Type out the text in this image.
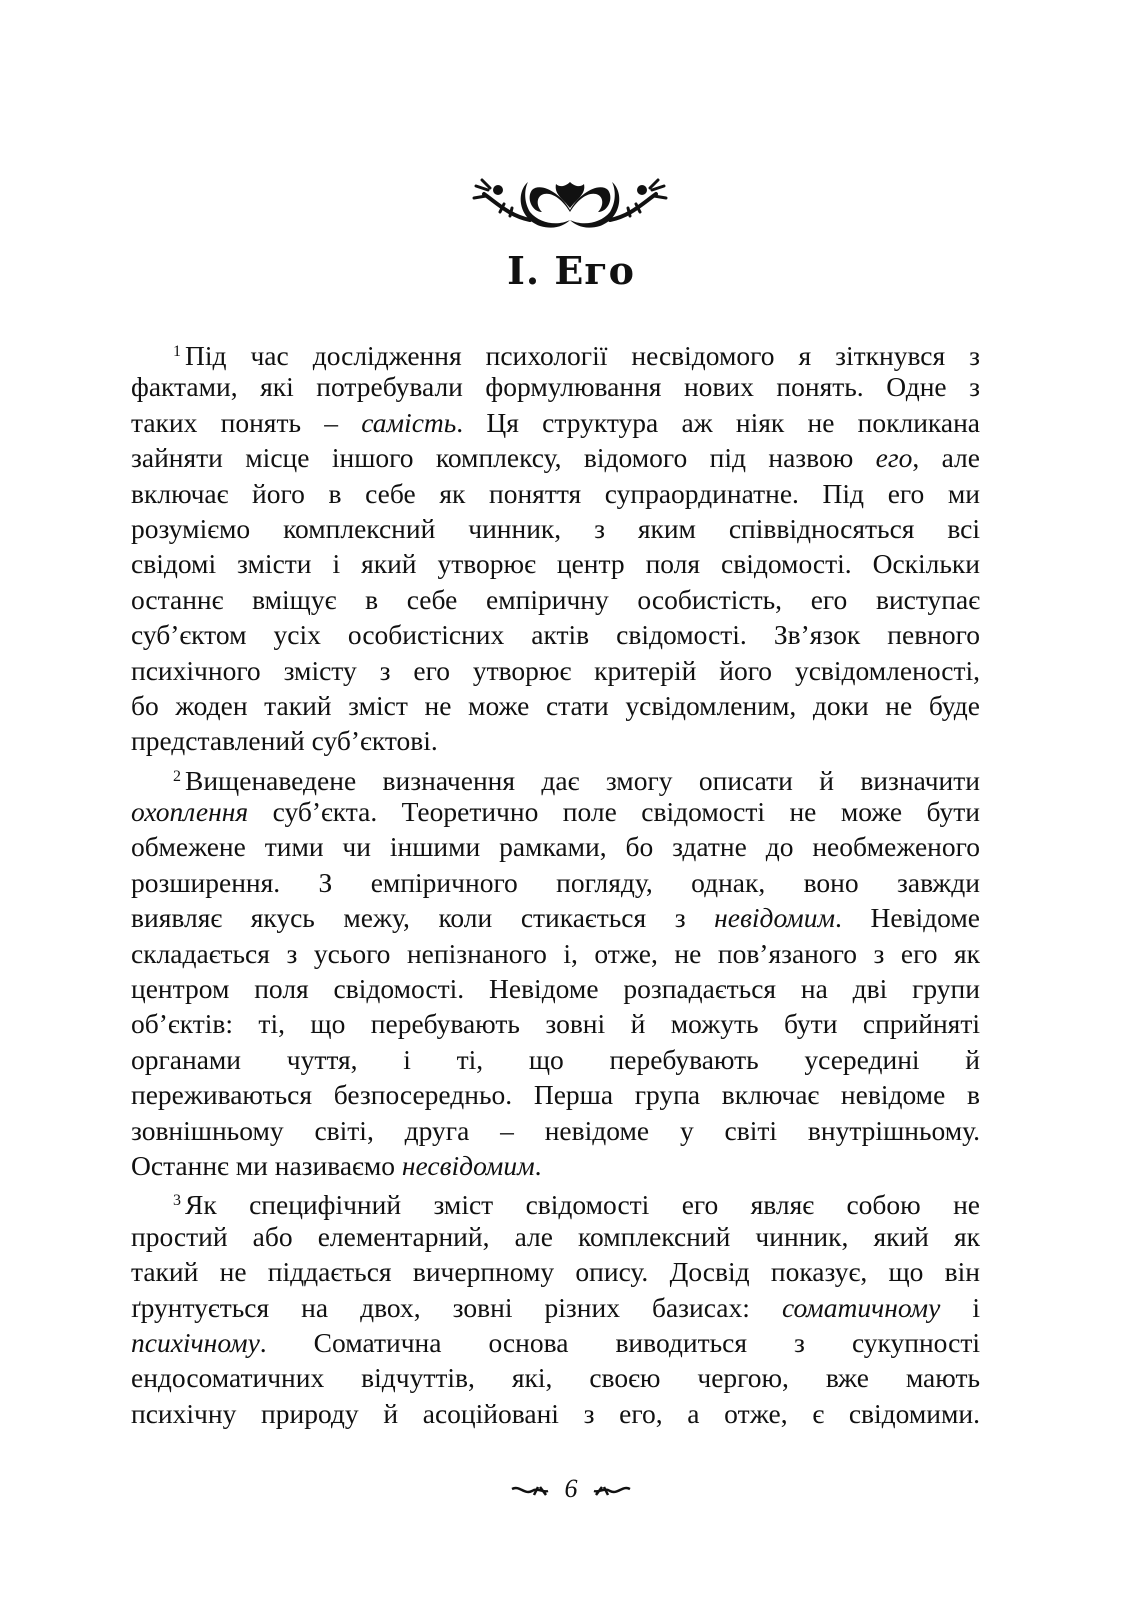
I. Его
$^1$ Під час дослідження психології несвідомого я зіткнувся з
фактами, які потребували формулювання нових понять. Одне з
таких понять – самість. Ця структура аж ніяк не покликана
зайняти місце іншого комплексу, відомого під назвою его, але
включає його в себе як поняття супраординатне. Під его ми
розуміємо комплексний чинник, з яким співвідносяться всі
свідомі змісти і який утворює центр поля свідомості. Оскільки
останнє вміщує в себе емпіричну особистість, его виступає
суб’єктом усіх особистісних актів свідомості. Зв’язок певного
психічного змісту з его утворює критерій його усвідомленості,
бо жоден такий зміст не може стати усвідомленим, доки не буде
представлений суб’єктові.
$^2$ Вищенаведене визначення дає змогу описати й визначити
охоплення суб’єкта. Теоретично поле свідомості не може бути
обмежене тими чи іншими рамками, бо здатне до необмеженого
розширення. З емпіричного погляду, однак, воно завжди
виявляє якусь межу, коли стикається з невідомим. Невідоме
складається з усього непізнаного і, отже, не пов’язаного з его як
центром поля свідомості. Невідоме розпадається на дві групи
об’єктів: ті, що перебувають зовні й можуть бути сприйняті
органами чуття, і ті, що перебувають усередині й
переживаються безпосередньо. Перша група включає невідоме в
зовнішньому світі, друга – невідоме у світі внутрішньому.
Останнє ми називаємо несвідомим.
$^3$ Як специфічний зміст свідомості его являє собою не
простий або елементарний, але комплексний чинник, який як
такий не піддається вичерпному опису. Досвід показує, що він
ґрунтується на двох, зовні різних базисах: соматичному і
психічному. Соматична основа виводиться з сукупності
ендосоматичних відчуттів, які, своєю чергою, вже мають
психічну природу й асоційовані з его, а отже, є свідомими.
6
